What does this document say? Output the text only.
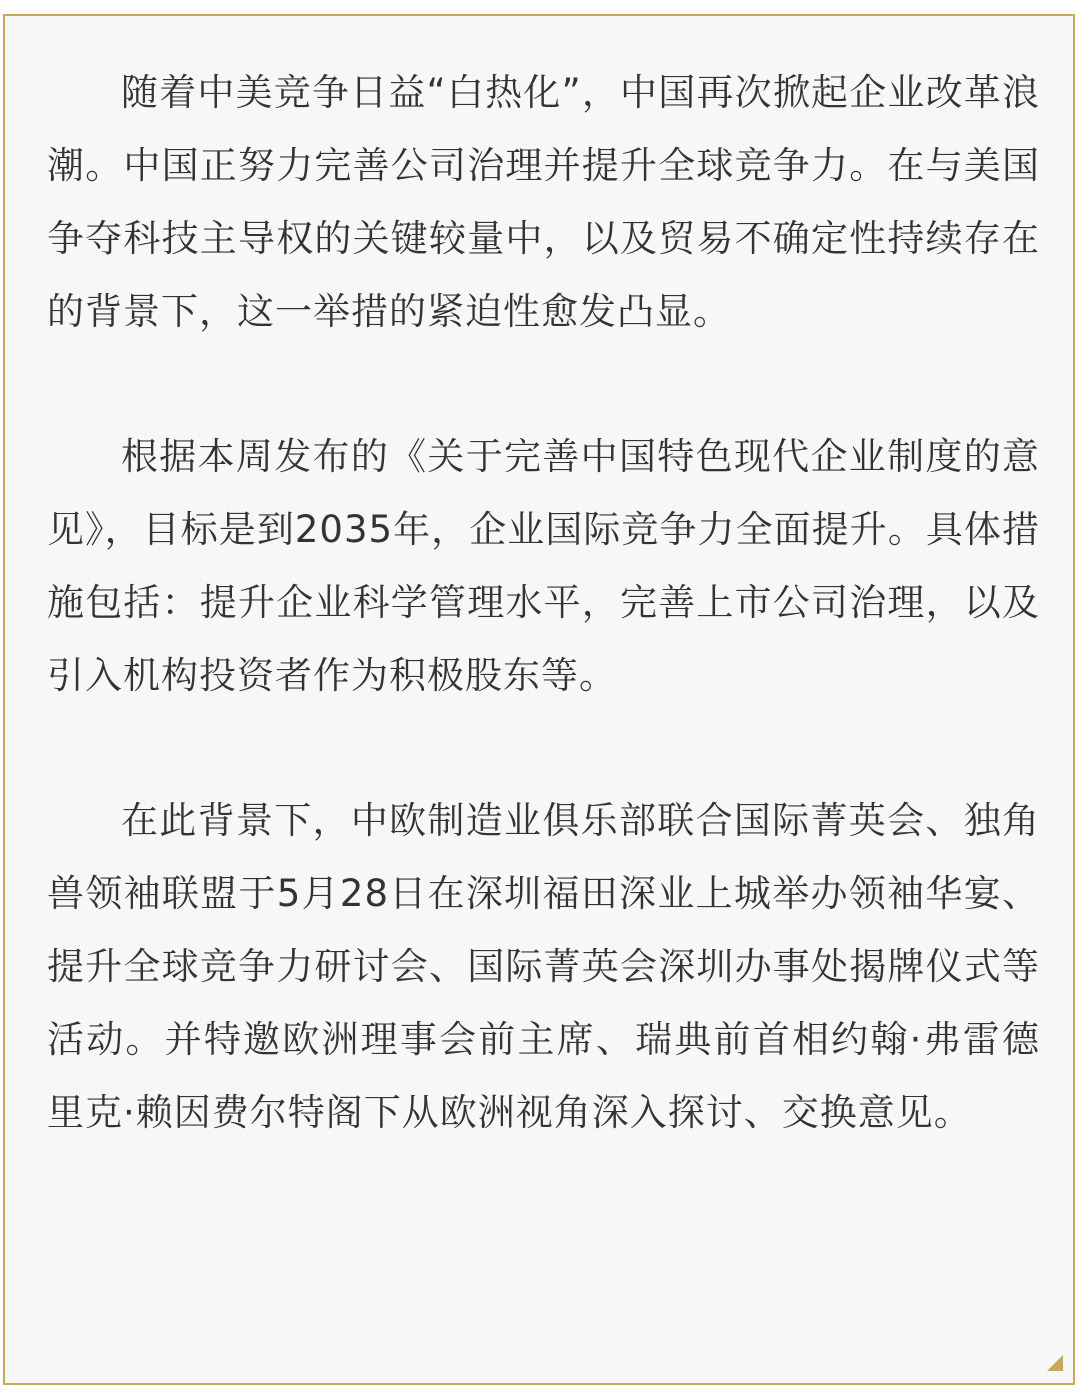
随着中美竞争日益“白热化”，中国再次掀起企业改革浪潮。中国正努力完善公司治理并提升全球竞争力。在与美国争夺科技主导权的关键较量中，以及贸易不确定性持续存在的背景下，这一举措的紧迫性愈发凸显。

根据本周发布的《关于完善中国特色现代企业制度的意见》，目标是到2035年，企业国际竞争力全面提升。具体措施包括：提升企业科学管理水平，完善上市公司治理，以及引入机构投资者作为积极股东等。

在此背景下，中欧制造业俱乐部联合国际菁英会、独角兽领袖联盟于5月28日在深圳福田深业上城举办领袖华宴、提升全球竞争力研讨会、国际菁英会深圳办事处揭牌仪式等活动。并特邀欧洲理事会前主席、瑞典前首相约翰·弗雷德里克·赖因费尔特阁下从欧洲视角深入探讨、交换意见。
